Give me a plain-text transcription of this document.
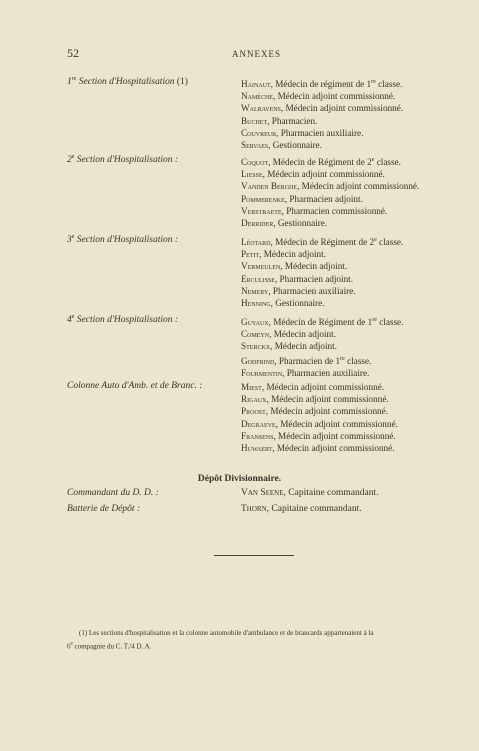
52	ANNEXES
1re Section d'Hospitalisation (1)	Hainaut, Médecin de régiment de 1re classe.
Namèche, Médecin adjoint commissionné.
Walravens, Médecin adjoint commissionné.
Buchet, Pharmacien.
Couvreur, Pharmacien auxiliaire.
Servaes, Gestionnaire.
2e Section d'Hospitalisation :	Coquot, Médecin de Régiment de 2e classe.
Liesse, Médecin adjoint commissionné.
Vanden Berghe, Médecin adjoint commissionné.
Pommerenke, Pharmacien adjoint.
Verstraete, Pharmacien commissionné.
Derrider, Gestionnaire.
3e Section d'Hospitalisation :	Léotard, Médecin de Régiment de 2e classe.
Petit, Médecin adjoint.
Vermeulen, Médecin adjoint.
Erculisse, Pharmacien adjoint.
Nemery, Pharmacien auxiliaire.
Henning, Gestionnaire.
4e Section d'Hospitalisation :	Guyaux, Médecin de Régiment de 1re classe.
Comeyn, Médecin adjoint.
Sterckx, Médecin adjoint.
Godfrind, Pharmacien de 1re classe.
Fourmentin, Pharmacien auxiliaire.
Colonne Auto d'Amb. et de Branc. :	Miest, Médecin adjoint commissionné.
Rigaux, Médecin adjoint commissionné.
Proost, Médecin adjoint commissionné.
Degraeve, Médecin adjoint commissionné.
Fransens, Médecin adjoint commissionné.
Huwaert, Médecin adjoint commissionné.
Dépôt Divisionnaire.
Commandant du D. D. :	Van Seene, Capitaine commandant.
Batterie de Dépôt :	Thorn, Capitaine commandant.

(1) Les sections d'hospitalisation et la colonne automobile d'ambulance et de brancards appartenaient à la

6e compagnie du C. T./4 D. A.
